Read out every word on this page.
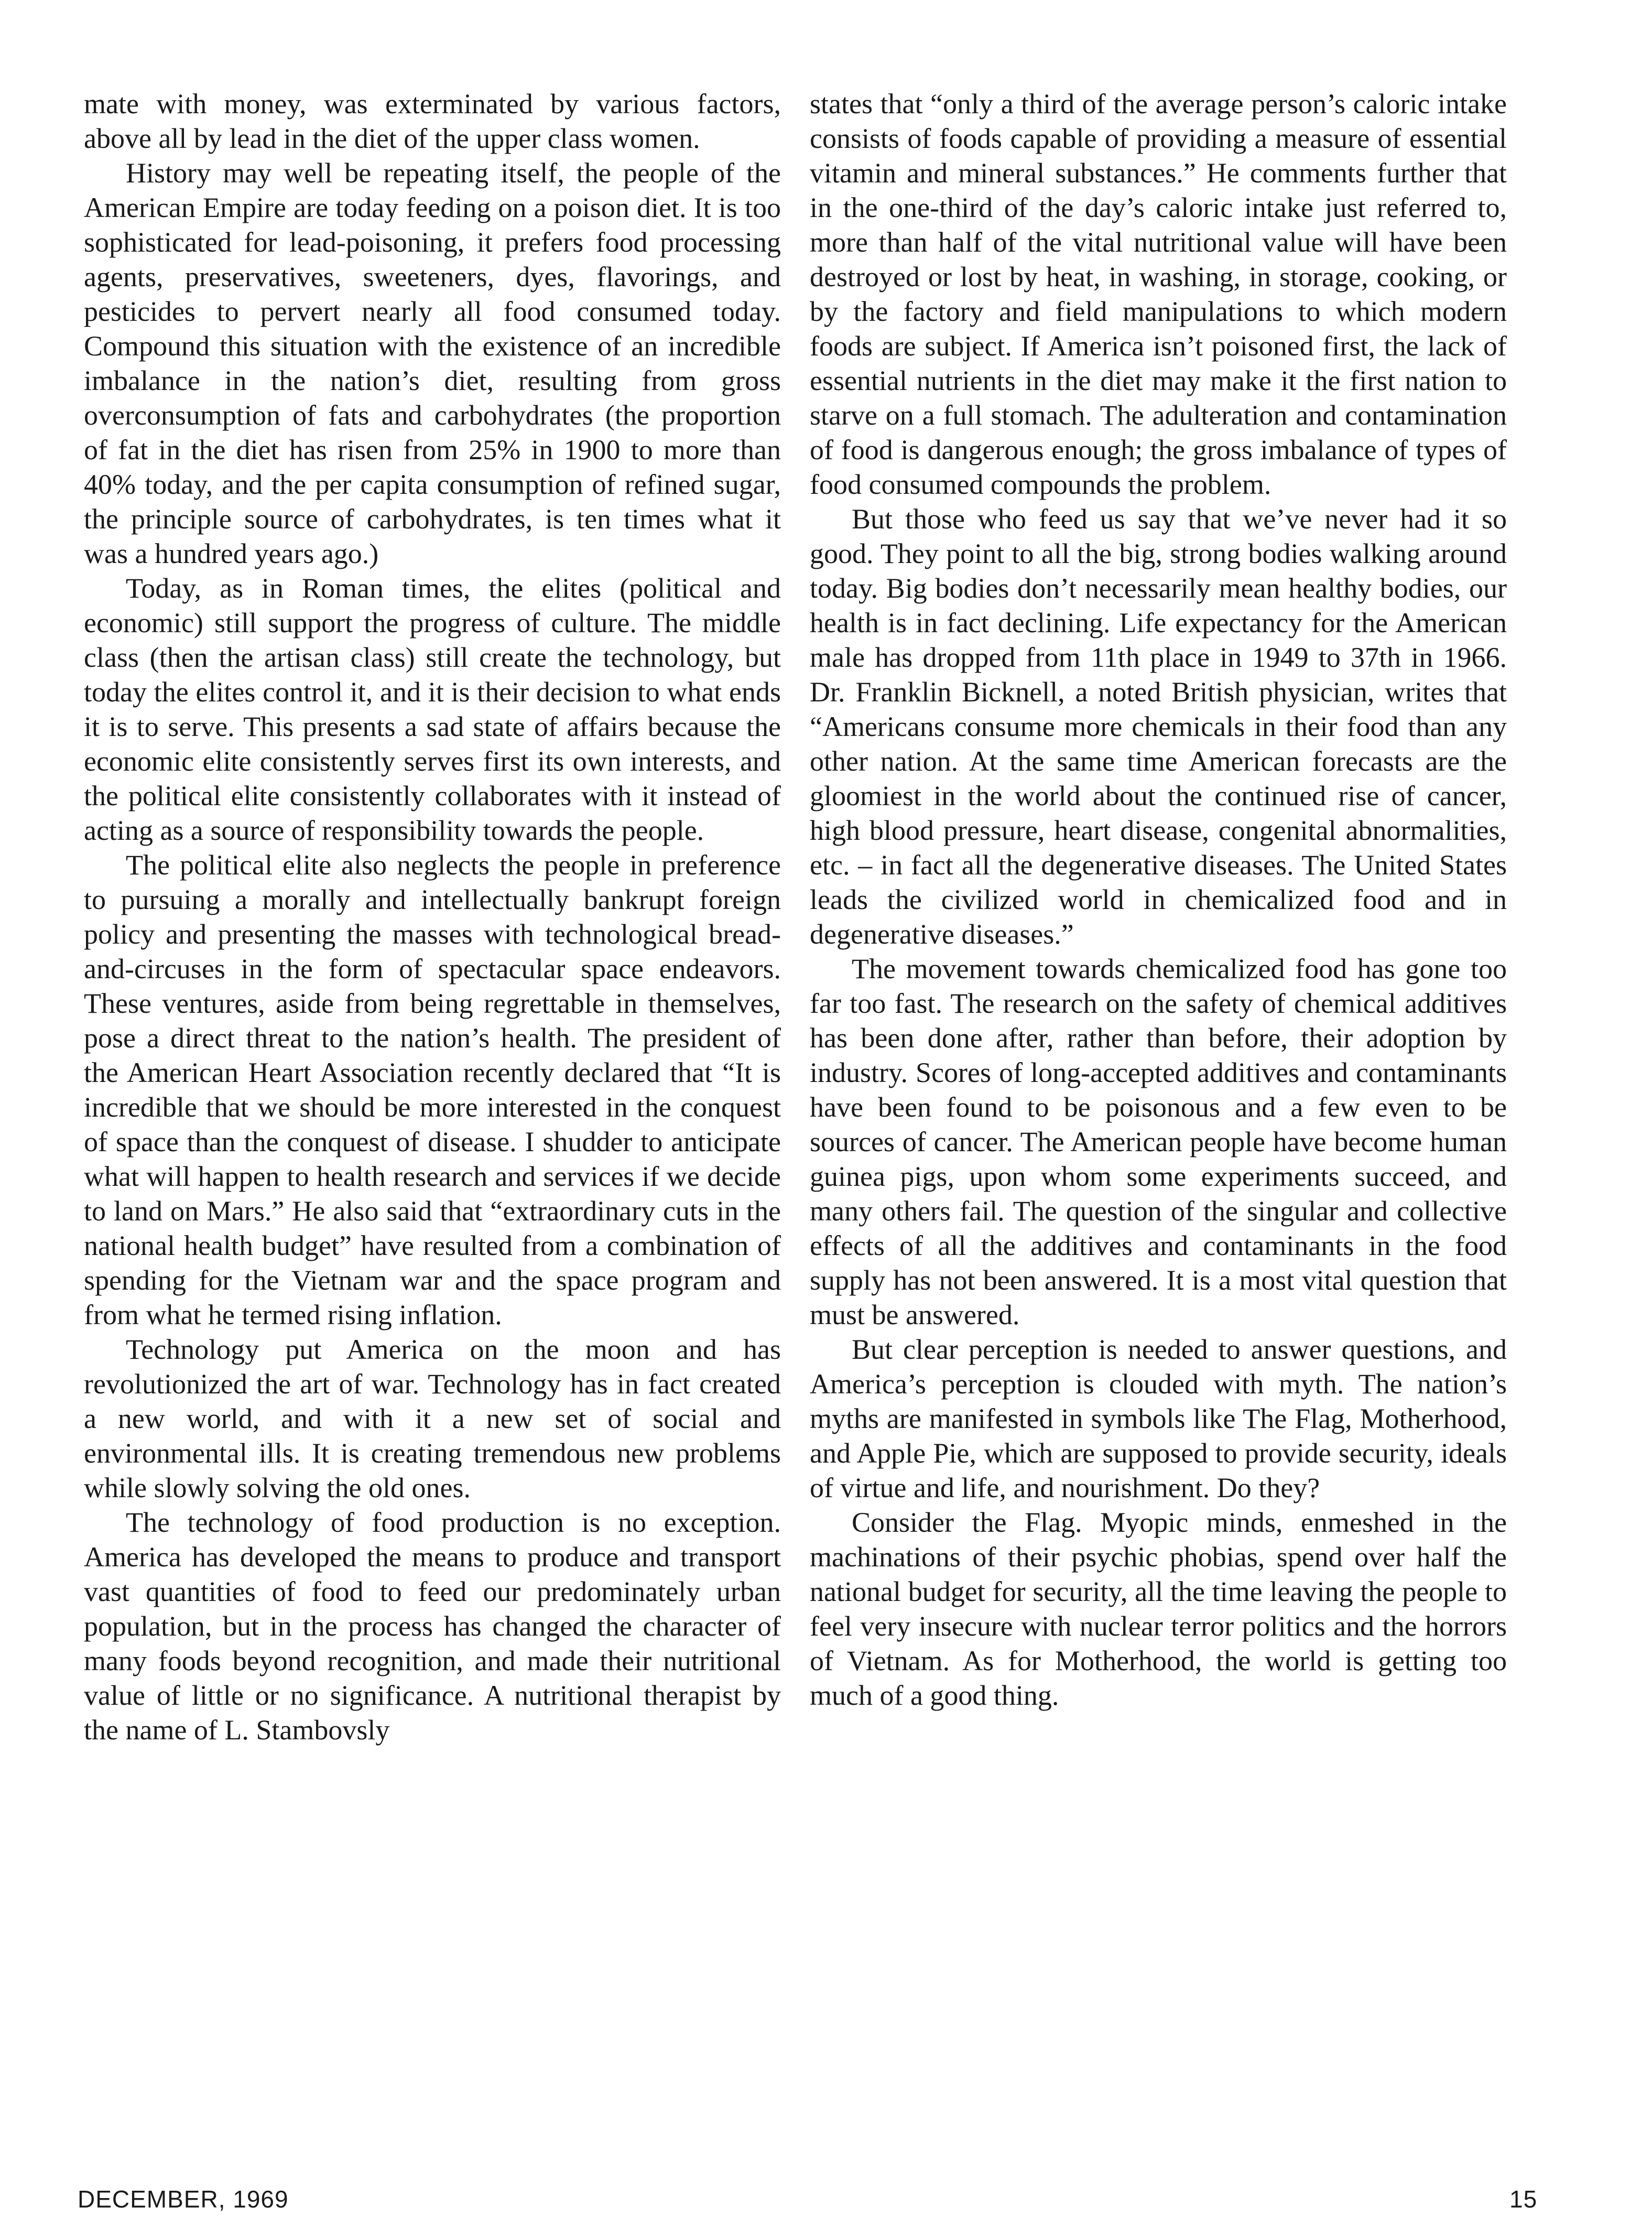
mate with money, was exterminated by various factors, above all by lead in the diet of the upper class women.

History may well be repeating itself, the people of the American Empire are today feeding on a poison diet. It is too sophisticated for lead-poisoning, it prefers food processing agents, preservatives, sweeteners, dyes, flavorings, and pesticides to pervert nearly all food consumed today. Compound this situation with the existence of an incredible imbalance in the nation’s diet, resulting from gross overconsumption of fats and carbohydrates (the proportion of fat in the diet has risen from 25% in 1900 to more than 40% today, and the per capita consumption of refined sugar, the principle source of carbohydrates, is ten times what it was a hundred years ago.)

Today, as in Roman times, the elites (political and economic) still support the progress of culture. The middle class (then the artisan class) still create the technology, but today the elites control it, and it is their decision to what ends it is to serve. This presents a sad state of affairs because the economic elite consistently serves first its own interests, and the political elite consistently collaborates with it instead of acting as a source of responsibility towards the people.

The political elite also neglects the people in preference to pursuing a morally and intellectually bankrupt foreign policy and presenting the masses with technological bread-and-circuses in the form of spectacular space endeavors. These ventures, aside from being regrettable in themselves, pose a direct threat to the nation’s health. The president of the American Heart Association recently declared that “It is incredible that we should be more interested in the conquest of space than the conquest of disease. I shudder to anticipate what will happen to health research and services if we decide to land on Mars.” He also said that “extraordinary cuts in the national health budget” have resulted from a combination of spending for the Vietnam war and the space program and from what he termed rising inflation.

Technology put America on the moon and has revolutionized the art of war. Technology has in fact created a new world, and with it a new set of social and environmental ills. It is creating tremendous new problems while slowly solving the old ones.

The technology of food production is no exception. America has developed the means to produce and transport vast quantities of food to feed our predominately urban population, but in the process has changed the character of many foods beyond recognition, and made their nutritional value of little or no significance. A nutritional therapist by the name of L. Stambovsly

states that “only a third of the average person’s caloric intake consists of foods capable of providing a measure of essential vitamin and mineral substances.” He comments further that in the one-third of the day’s caloric intake just referred to, more than half of the vital nutritional value will have been destroyed or lost by heat, in washing, in storage, cooking, or by the factory and field manipulations to which modern foods are subject. If America isn’t poisoned first, the lack of essential nutrients in the diet may make it the first nation to starve on a full stomach. The adulteration and contamination of food is dangerous enough; the gross imbalance of types of food consumed compounds the problem.

But those who feed us say that we’ve never had it so good. They point to all the big, strong bodies walking around today. Big bodies don’t necessarily mean healthy bodies, our health is in fact declining. Life expectancy for the American male has dropped from 11th place in 1949 to 37th in 1966. Dr. Franklin Bicknell, a noted British physician, writes that “Americans consume more chemicals in their food than any other nation. At the same time American forecasts are the gloomiest in the world about the continued rise of cancer, high blood pressure, heart disease, congenital abnormalities, etc. – in fact all the degenerative diseases. The United States leads the civilized world in chemicalized food and in degenerative diseases.”

The movement towards chemicalized food has gone too far too fast. The research on the safety of chemical additives has been done after, rather than before, their adoption by industry. Scores of long-accepted additives and contaminants have been found to be poisonous and a few even to be sources of cancer. The American people have become human guinea pigs, upon whom some experiments succeed, and many others fail. The question of the singular and collective effects of all the additives and contaminants in the food supply has not been answered. It is a most vital question that must be answered.

But clear perception is needed to answer questions, and America’s perception is clouded with myth. The nation’s myths are manifested in symbols like The Flag, Motherhood, and Apple Pie, which are supposed to provide security, ideals of virtue and life, and nourishment. Do they?

Consider the Flag. Myopic minds, enmeshed in the machinations of their psychic phobias, spend over half the national budget for security, all the time leaving the people to feel very insecure with nuclear terror politics and the horrors of Vietnam. As for Motherhood, the world is getting too much of a good thing.

DECEMBER, 1969	15
